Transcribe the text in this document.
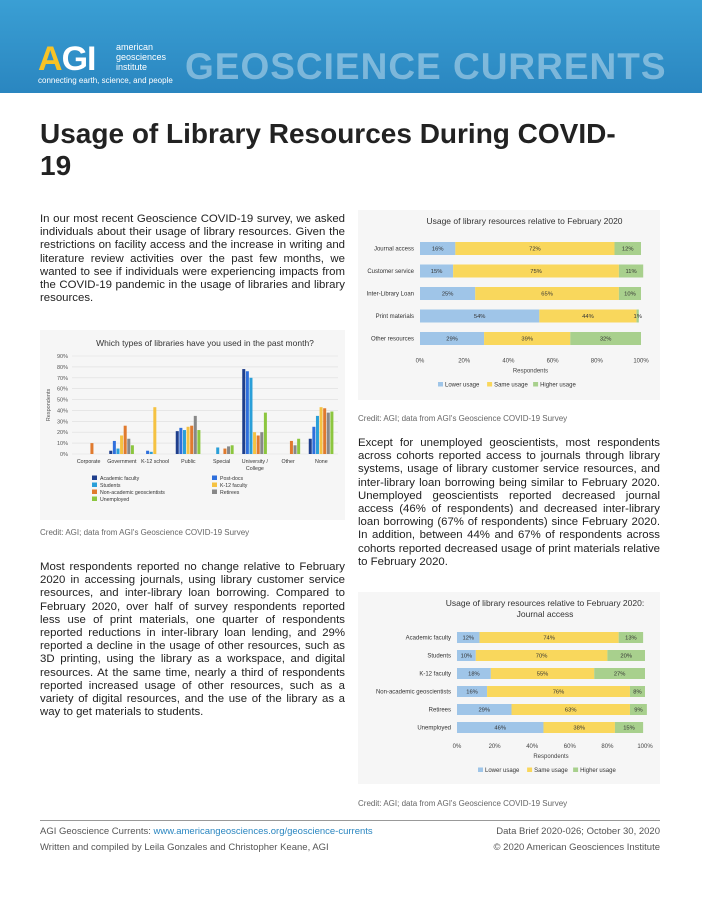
AGI	american
geosciences
institute
connecting earth, science, and people GEOSCIENCE CURRENTS
Usage of Library Resources During COVID-19

In our most recent Geoscience COVID-19 survey, we asked individuals about their usage of library resources. Given the restrictions on facility access and the increase in writing and literature review activities over the past few months, we wanted to see if individuals were experiencing impacts from the COVID-19 pandemic in the usage of libraries and library resources.

Which types of libraries have you used in the past month?
0%
10%
20%
30%
40%
50%
60%
70%
80%
90%
Respondents
Corporate Government K-12 school Public	Special University /
College
Other	None
Academic faculty	Post-docs
Students	K-12 faculty
Non-academic geoscientists	Retirees
Unemployed
Credit: AGI; data from AGI's Geoscience COVID-19 Survey

Most respondents reported no change relative to February 2020 in accessing journals, using library customer service resources, and inter-library loan borrowing. Compared to February 2020, over half of survey respondents reported less use of print materials, one quarter of respondents reported reductions in inter-library loan lending, and 29% reported a decline in the usage of other resources, such as 3D printing, using the library as a workspace, and digital resources. At the same time, nearly a third of respondents reported increased usage of other resources, such as a variety of digital resources, and the use of the library as a way to get materials to students.

Usage of library resources relative to February 2020
Journal access	16%	72%	12%
Customer service	15%	75%	11%
Inter-Library Loan	25%	65%	10%
Print materials	54%	44%	1%
Other resources	29%	39%	32%
0%	20%	40%	60%	80%	100%
Respondents
Lower usage Same usage Higher usage
Credit: AGI; data from AGI's Geoscience COVID-19 Survey

Except for unemployed geoscientists, most respondents across cohorts reported access to journals through library systems, usage of library customer service resources, and inter-library loan borrowing being similar to February 2020. Unemployed geoscientists reported decreased journal access (46% of respondents) and decreased inter-library loan borrowing (67% of respondents) since February 2020. In addition, between 44% and 67% of respondents across cohorts reported decreased usage of print materials relative to February 2020.

Usage of library resources relative to February 2020:
Journal access
Academic faculty 12%	74%	13%
Students 10%	70%	20%
K-12 faculty	18%	55%	27%
Non-academic geoscientists	16%	76%	8%
Retirees	29%	63%	9%
Unemployed	46%	38%	15%
0%	20%	40%	60%	80%	100%
Respondents
Lower usage Same usage Higher usage
Credit: AGI; data from AGI's Geoscience COVID-19 Survey
AGI Geoscience Currents: www.americangeosciences.org/geoscience-currents
Written and compiled by Leila Gonzales and Christopher Keane, AGI
Data Brief 2020-026; October 30, 2020
© 2020 American Geosciences Institute
